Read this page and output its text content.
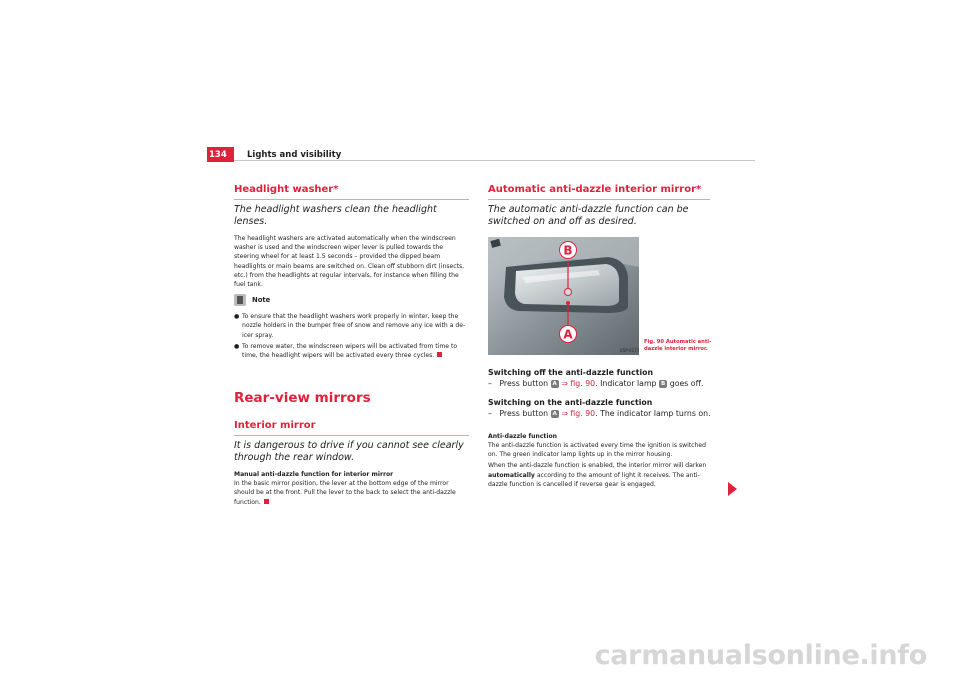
134	Lights and visibility
Headlight washer*
The headlight washers clean the headlight lenses.

The headlight washers are activated automatically when the windscreen washer is used and the windscreen wiper lever is pulled towards the steering wheel for at least 1.5 seconds – provided the dipped beam headlights or main beams are switched on. Clean off stubborn dirt (insects, etc.) from the headlights at regular intervals, for instance when filling the fuel tank.

Note
● To ensure that the headlight washers work properly in winter, keep the nozzle holders in the bumper free of snow and remove any ice with a de-icer spray.
● To remove water, the windscreen wipers will be activated from time to time, the headlight wipers will be activated every three cycles.
Rear-view mirrors
Interior mirror
It is dangerous to drive if you cannot see clearly through the rear window.

Manual anti-dazzle function for interior mirror

In the basic mirror position, the lever at the bottom edge of the mirror should be at the front. Pull the lever to the back to select the anti-dazzle function.

Automatic anti-dazzle interior mirror*
The automatic anti-dazzle function can be switched on and off as desired.
B
A
B5P-0177
Fig. 90 Automatic anti-dazzle interior mirror.
Switching off the anti-dazzle function
– Press button A ⇒ fig. 90. Indicator lamp B goes off.
Switching on the anti-dazzle function
– Press button A ⇒ fig. 90. The indicator lamp turns on.

Anti-dazzle function

The anti-dazzle function is activated every time the ignition is switched on. The green indicator lamp lights up in the mirror housing.

When the anti-dazzle function is enabled, the interior mirror will darken automatically according to the amount of light it receives. The anti-dazzle function is cancelled if reverse gear is engaged.

carmanualsonline.info
